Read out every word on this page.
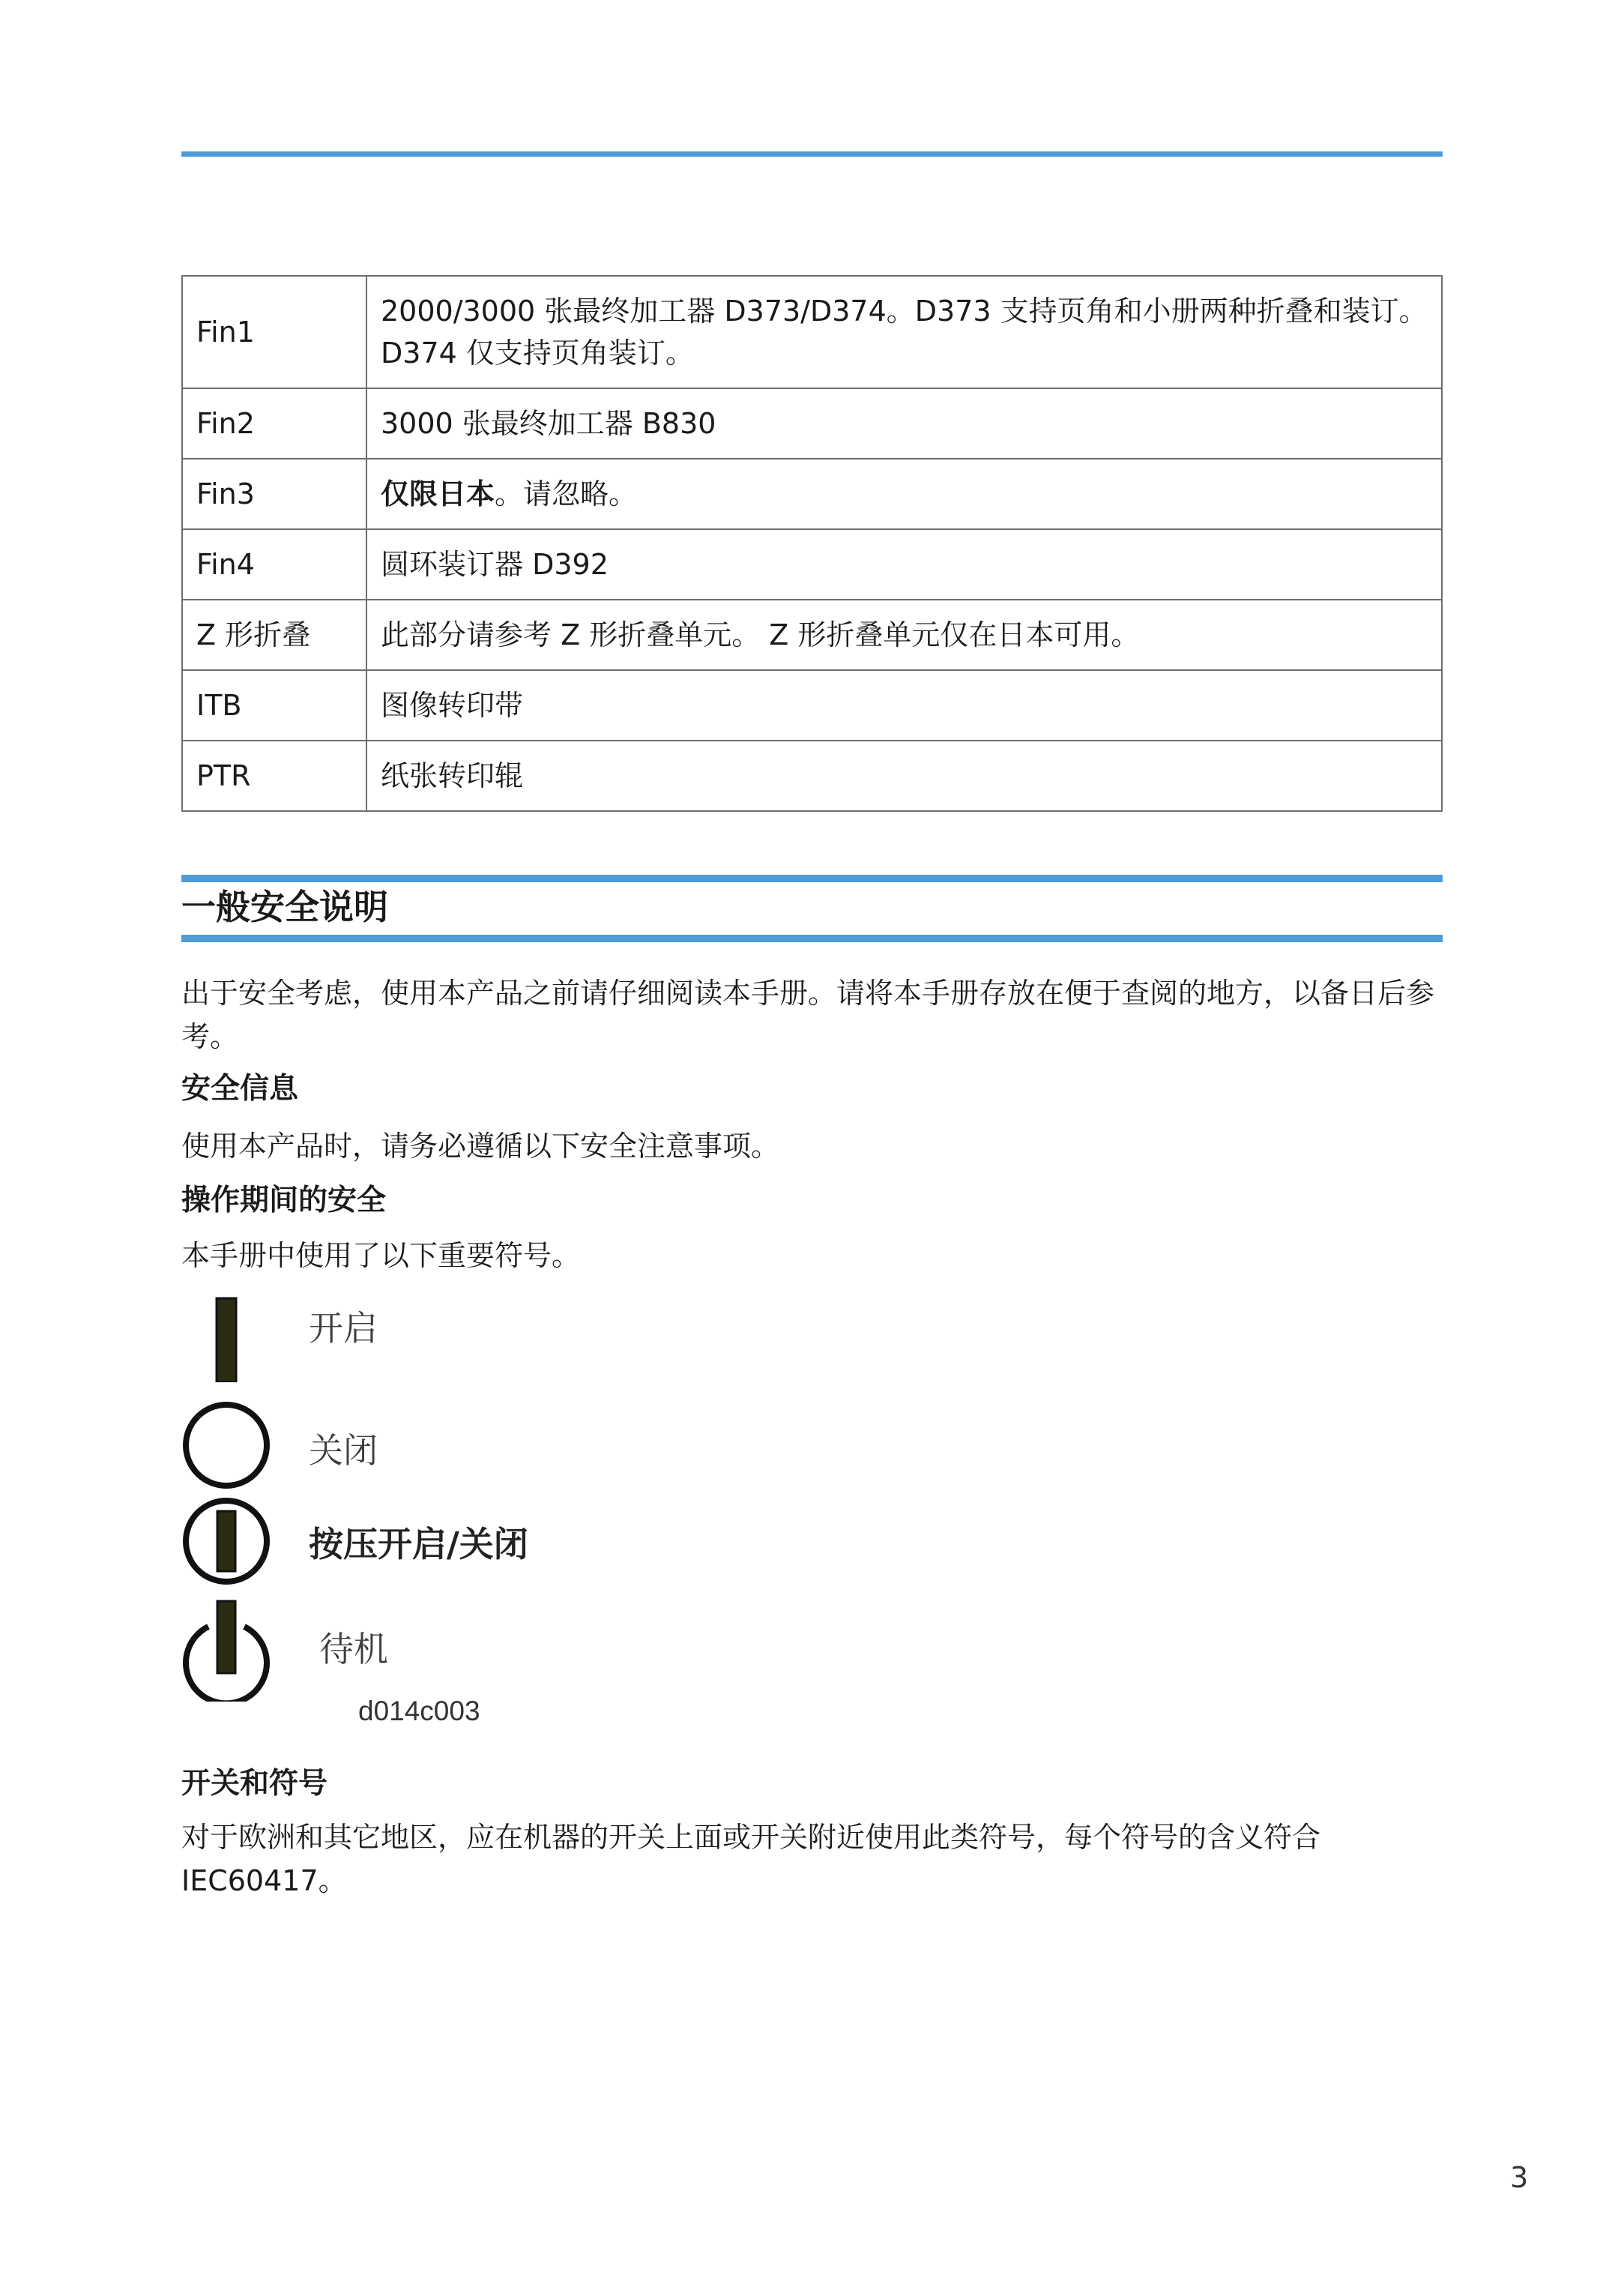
Fin1	2000/3000 张最终加工器 D373/D374。D373 支持页角和小册两种折叠和装订。D374 仅支持页角装订。
Fin2	3000 张最终加工器 B830
Fin3	仅限日本。请忽略。
Fin4	圆环装订器 D392
Z 形折叠	此部分请参考 Z 形折叠单元。 Z 形折叠单元仅在日本可用。
ITB	图像转印带
PTR	纸张转印辊
一般安全说明

出于安全考虑，使用本产品之前请仔细阅读本手册。请将本手册存放在便于查阅的地方，以备日后参考。

安全信息

使用本产品时，请务必遵循以下安全注意事项。

操作期间的安全

本手册中使用了以下重要符号。

开启
关闭
按压开启/关闭
待机
d014c003
开关和符号

对于欧洲和其它地区，应在机器的开关上面或开关附近使用此类符号，每个符号的含义符合IEC60417。

3
